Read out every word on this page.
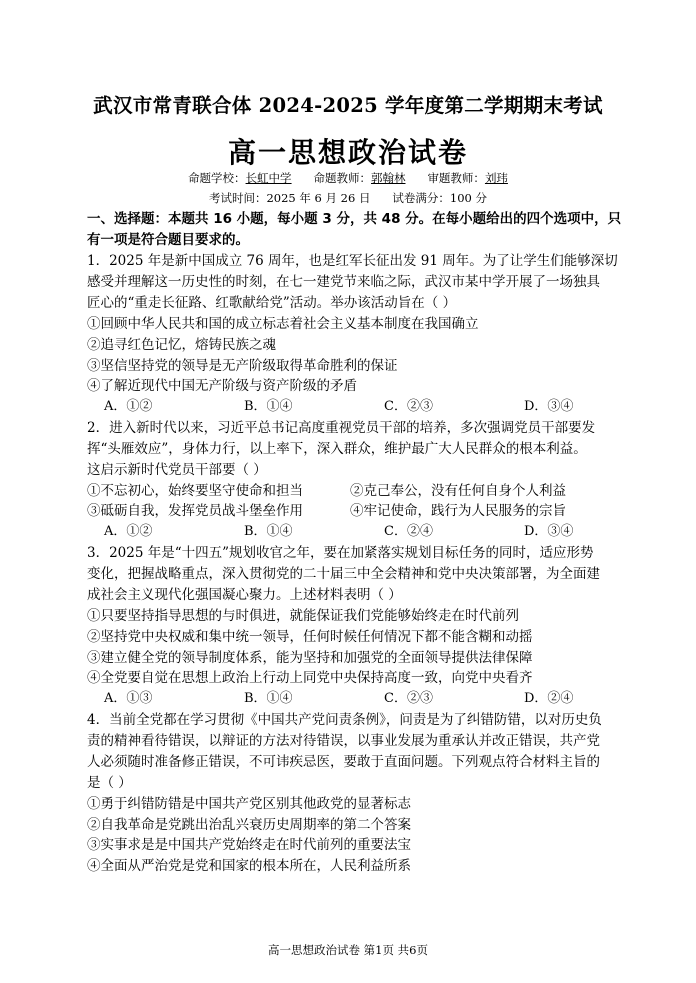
武汉市常青联合体 2024-2025 学年度第二学期期末考试
高一思想政治试卷
命题学校：长虹中学 命题教师：郭翰林 审题教师：刘玮
考试时间：2025 年 6 月 26 日 试卷满分：100 分
一、选择题：本题共 16 小题，每小题 3 分，共 48 分。在每小题给出的四个选项中，只
有一项是符合题目要求的。
1．2025 年是新中国成立 76 周年，也是红军长征出发 91 周年。为了让学生们能够深切
感受并理解这一历史性的时刻，在七一建党节来临之际，武汉市某中学开展了一场独具
匠心的“重走长征路、红歌献给党”活动。举办该活动旨在（ ）
①回顾中华人民共和国的成立标志着社会主义基本制度在我国确立
②追寻红色记忆，熔铸民族之魂
③坚信坚持党的领导是无产阶级取得革命胜利的保证
④了解近现代中国无产阶级与资产阶级的矛盾
A．①②	B．①④	C．②③	D．③④
2．进入新时代以来，习近平总书记高度重视党员干部的培养，多次强调党员干部要发
挥“头雁效应”，身体力行，以上率下，深入群众，维护最广大人民群众的根本利益。
这启示新时代党员干部要（ ）
①不忘初心，始终要坚守使命和担当	②克己奉公，没有任何自身个人利益
③砥砺自我，发挥党员战斗堡垒作用	④牢记使命，践行为人民服务的宗旨
A．①②	B．①④	C．②④	D．③④
3．2025 年是“十四五”规划收官之年，要在加紧落实规划目标任务的同时，适应形势
变化，把握战略重点，深入贯彻党的二十届三中全会精神和党中央决策部署，为全面建
成社会主义现代化强国凝心聚力。上述材料表明（ ）
①只要坚持指导思想的与时俱进，就能保证我们党能够始终走在时代前列
②坚持党中央权威和集中统一领导，任何时候任何情况下都不能含糊和动摇
③建立健全党的领导制度体系，能为坚持和加强党的全面领导提供法律保障
④全党要自觉在思想上政治上行动上同党中央保持高度一致，向党中央看齐
A．①③	B．①④	C．②③	D．②④
4．当前全党都在学习贯彻《中国共产党问责条例》，问责是为了纠错防错，以对历史负
责的精神看待错误，以辩证的方法对待错误，以事业发展为重承认并改正错误，共产党
人必须随时准备修正错误，不可讳疾忌医，要敢于直面问题。下列观点符合材料主旨的
是（ ）
①勇于纠错防错是中国共产党区别其他政党的显著标志
②自我革命是党跳出治乱兴衰历史周期率的第二个答案
③实事求是是中国共产党始终走在时代前列的重要法宝
④全面从严治党是党和国家的根本所在，人民利益所系
高一思想政治试卷 第1页 共6页
